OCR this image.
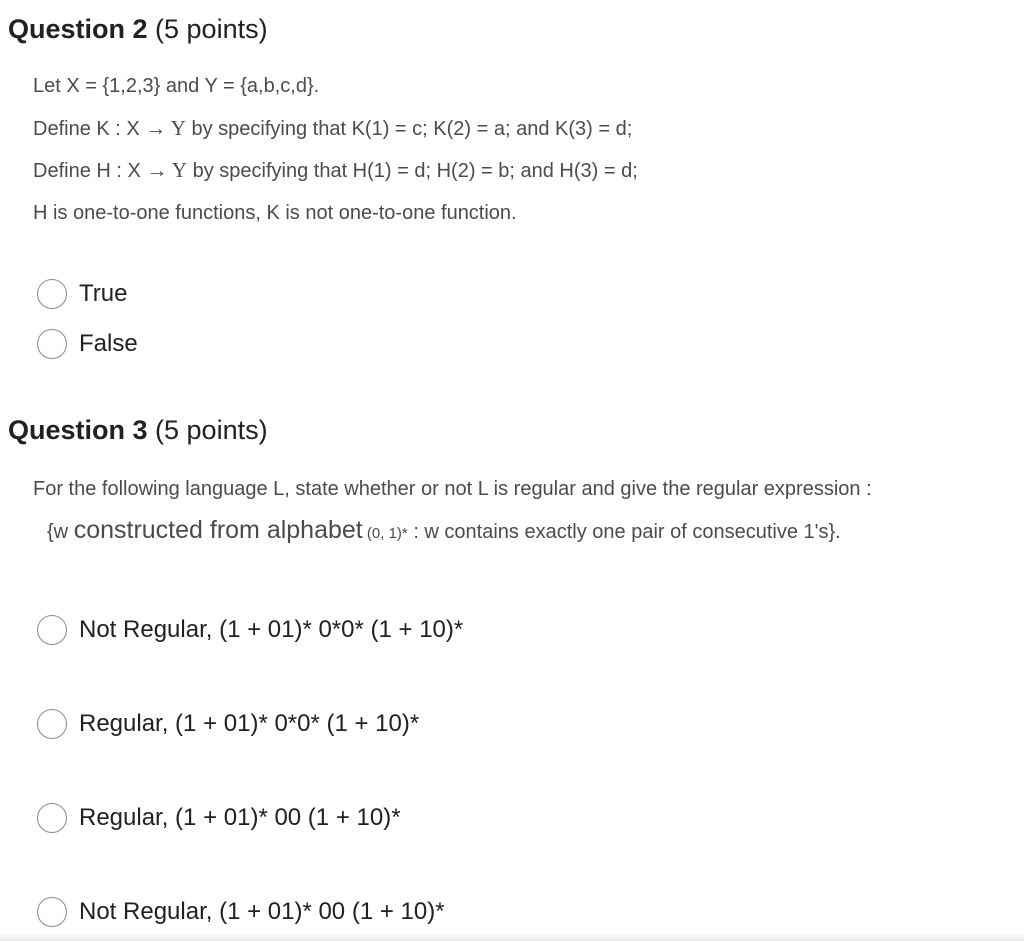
Question 2 (5 points)
Let X = {1,2,3} and Y = {a,b,c,d}.
Define K : X → Y by specifying that K(1) = c; K(2) = a; and K(3) = d;
Define H : X → Y by specifying that H(1) = d; H(2) = b; and H(3) = d;
H is one-to-one functions, K is not one-to-one function.
True
False
Question 3 (5 points)
For the following language L, state whether or not L is regular and give the regular expression :
{w constructed from alphabet (0, 1)* : w contains exactly one pair of consecutive 1's}.
Not Regular, (1 + 01)* 0*0* (1 + 10)*
Regular, (1 + 01)* 0*0* (1 + 10)*
Regular, (1 + 01)* 00 (1 + 10)*
Not Regular, (1 + 01)* 00 (1 + 10)*
